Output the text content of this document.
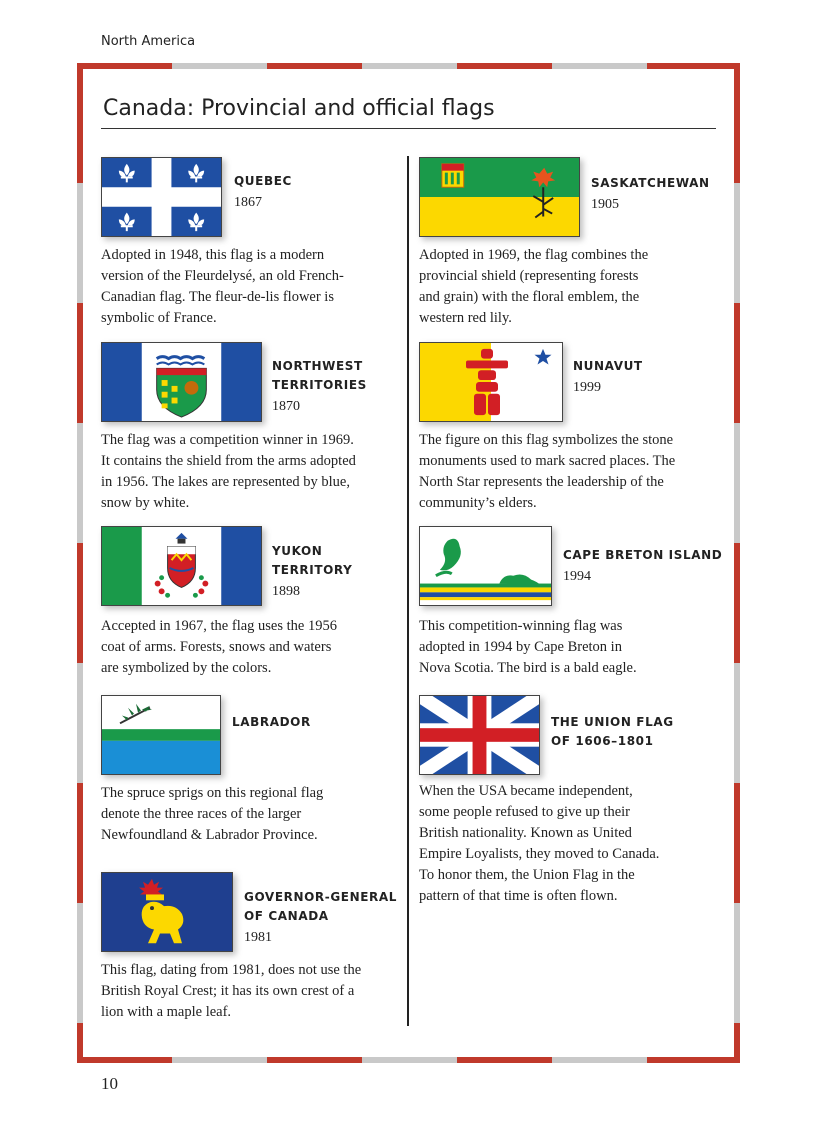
North America
Canada: Provincial and official flags
QUEBEC
1867
Adopted in 1948, this flag is a modern
version of the Fleurdelysé, an old French-
Canadian flag. The fleur-de-lis flower is
symbolic of France.
SASKATCHEWAN
1905
Adopted in 1969, the flag combines the
provincial shield (representing forests
and grain) with the floral emblem, the
western red lily.
NORTHWEST
TERRITORIES
1870
The flag was a competition winner in 1969.
It contains the shield from the arms adopted
in 1956. The lakes are represented by blue,
snow by white.
NUNAVUT
1999
The figure on this flag symbolizes the stone
monuments used to mark sacred places. The
North Star represents the leadership of the
community’s elders.
YUKON
TERRITORY
1898
Accepted in 1967, the flag uses the 1956
coat of arms. Forests, snows and waters
are symbolized by the colors.
CAPE BRETON ISLAND
1994
This competition-winning flag was
adopted in 1994 by Cape Breton in
Nova Scotia. The bird is a bald eagle.
LABRADOR
The spruce sprigs on this regional flag
denote the three races of the larger
Newfoundland & Labrador Province.
THE UNION FLAG
OF 1606–1801
When the USA became independent,
some people refused to give up their
British nationality. Known as United
Empire Loyalists, they moved to Canada.
To honor them, the Union Flag in the
pattern of that time is often flown.
GOVERNOR-GENERAL
OF CANADA
1981
This flag, dating from 1981, does not use the
British Royal Crest; it has its own crest of a
lion with a maple leaf.
10
